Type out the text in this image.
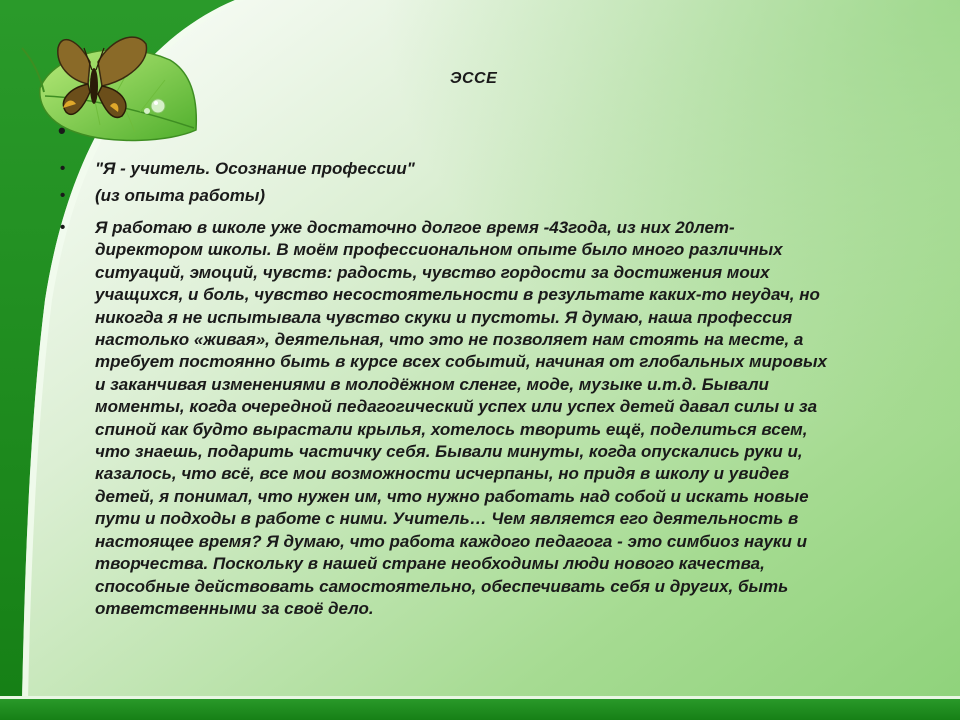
ЭССЕ
•
•	"Я - учитель. Осознание профессии"
•	(из опыта работы)
•	Я работаю в школе уже достаточно долгое время -43года, из них 20лет-
директором школы. В моём профессиональном опыте было много различных
ситуаций, эмоций, чувств: радость, чувство гордости за достижения моих
учащихся, и боль, чувство несостоятельности в результате каких-то неудач, но
никогда я не испытывала чувство скуки и пустоты. Я думаю, наша профессия
настолько «живая», деятельная, что это не позволяет нам стоять на месте, а
требует постоянно быть в курсе всех событий, начиная от глобальных мировых
и заканчивая изменениями в молодёжном сленге, моде, музыке и.т.д. Бывали
моменты, когда очередной педагогический успех или успех детей давал силы и за
спиной как будто вырастали крылья, хотелось творить ещё, поделиться всем,
что знаешь, подарить частичку себя. Бывали минуты, когда опускались руки и,
казалось, что всё, все мои возможности исчерпаны, но придя в школу и увидев
детей, я понимал, что нужен им, что нужно работать над собой и искать новые
пути и подходы в работе с ними. Учитель… Чем является его деятельность в
настоящее время? Я думаю, что работа каждого педагога - это симбиоз науки и
творчества. Поскольку в нашей стране необходимы люди нового качества,
способные действовать самостоятельно, обеспечивать себя и других, быть
ответственными за своё дело.
